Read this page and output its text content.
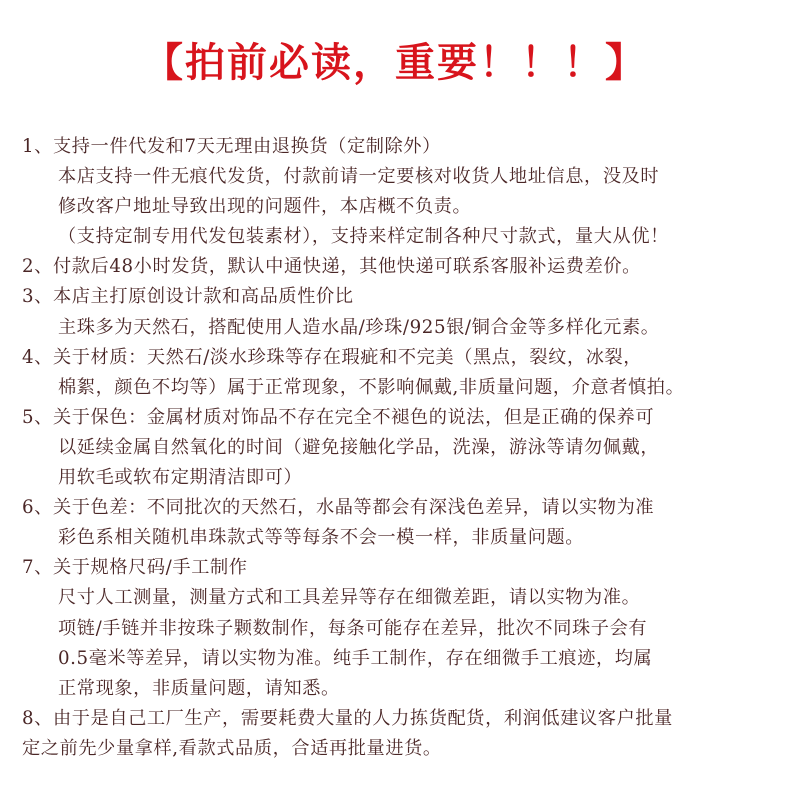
【拍前必读，重要！！！】
1、支持一件代发和7天无理由退换货（定制除外）
本店支持一件无痕代发货，付款前请一定要核对收货人地址信息，没及时
修改客户地址导致出现的问题件，本店概不负责。
（支持定制专用代发包装素材），支持来样定制各种尺寸款式，量大从优！
2、付款后48小时发货，默认中通快递，其他快递可联系客服补运费差价。
3、本店主打原创设计款和高品质性价比
主珠多为天然石，搭配使用人造水晶/珍珠/925银/铜合金等多样化元素。
4、关于材质：天然石/淡水珍珠等存在瑕疵和不完美（黑点，裂纹，冰裂，
棉絮，颜色不均等）属于正常现象，不影响佩戴,非质量问题，介意者慎拍。
5、关于保色：金属材质对饰品不存在完全不褪色的说法，但是正确的保养可
以延续金属自然氧化的时间（避免接触化学品，洗澡，游泳等请勿佩戴，
用软毛或软布定期清洁即可）
6、关于色差：不同批次的天然石，水晶等都会有深浅色差异，请以实物为准
彩色系相关随机串珠款式等等每条不会一模一样，非质量问题。
7、关于规格尺码/手工制作
尺寸人工测量，测量方式和工具差异等存在细微差距，请以实物为准。
项链/手链并非按珠子颗数制作，每条可能存在差异，批次不同珠子会有
0.5毫米等差异，请以实物为准。纯手工制作，存在细微手工痕迹，均属
正常现象，非质量问题，请知悉。
8、由于是自己工厂生产，需要耗费大量的人力拣货配货，利润低建议客户批量
定之前先少量拿样,看款式品质，合适再批量进货。
